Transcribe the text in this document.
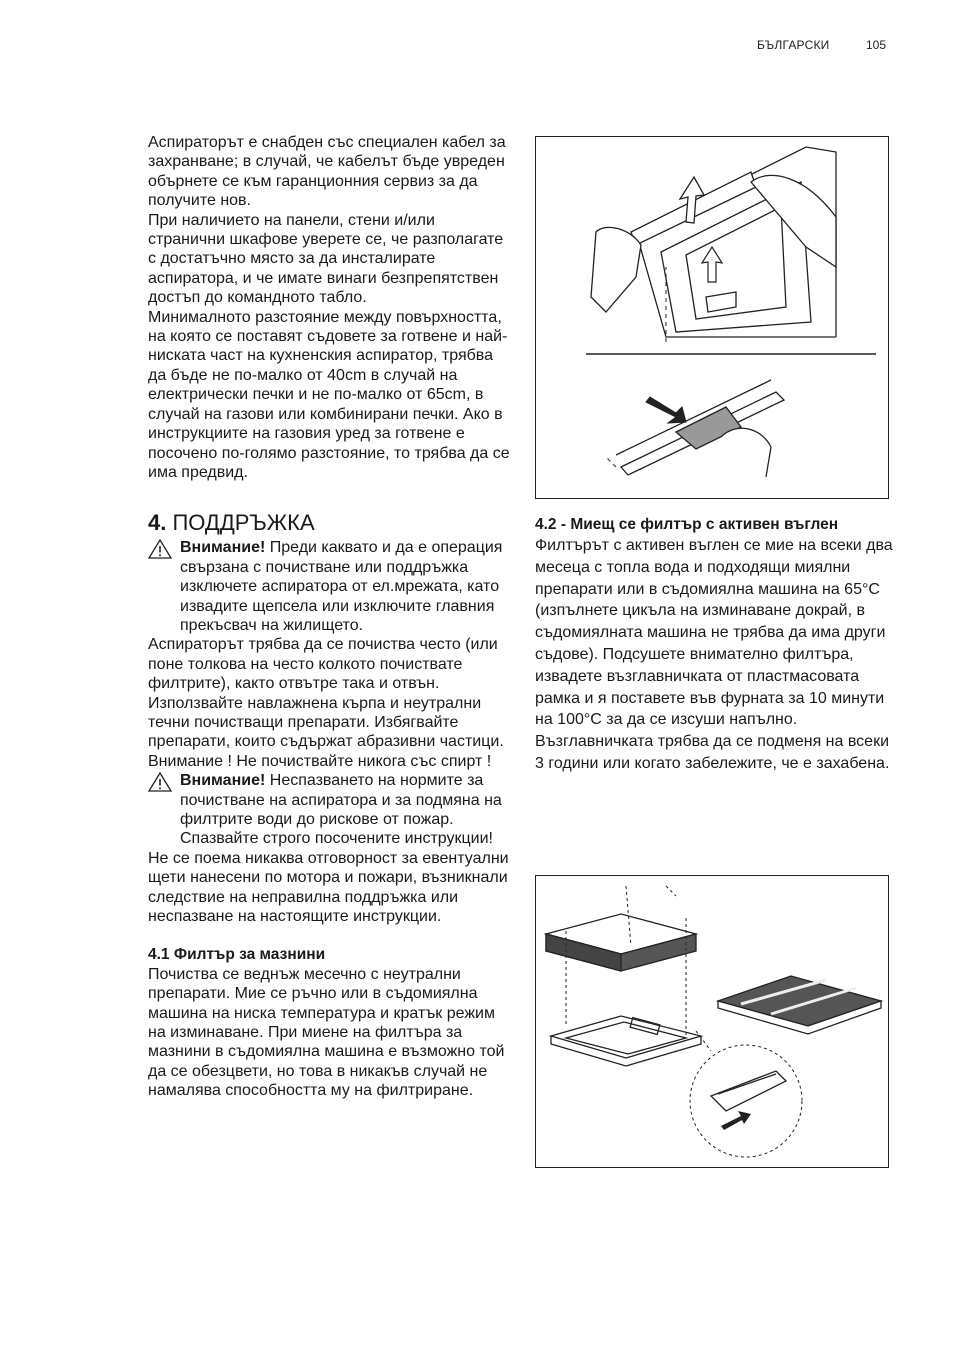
БЪЛГАРСКИ	105

Аспираторът е снабден със специален кабел за захранване; в случай, че кабелът бъде увреден обърнете се към гаранционния сервиз за да получите нов.

При наличието на панели, стени и/или странични шкафове уверете се, че разполагате с достатъчно място за да инсталирате аспиратора, и че имате винаги безпрепятствен достъп до командното табло.

Минималното разстояние между повърхността, на която се поставят съдовете за готвене и най-ниската част на кухненския аспиратор, трябва да бъде не по-малко от 40cm в случай на електрически печки и не по-малко от 65cm, в случай на газови или комбинирани печки. Ако в инструкциите на газовия уред за готвене е посочено по-голямо разстояние, то трябва да се има предвид.

4. ПОДДРЪЖКА
Внимание! Преди каквато и да е операция свързана с почистване или поддръжка изключете аспиратора от ел.мрежата, като извадите щепсела или изключите главния прекъсвач на жилището.

Аспираторът трябва да се почиства често (или поне толкова на често колкото почиствате филтрите), както отвътре така и отвън. Използвайте навлажнена кърпа и неутрални течни почистващи препарати. Избягвайте препарати, които съдържат абразивни частици. Внимание ! Не почиствайте никога със спирт !

Внимание! Неспазването на нормите за почистване на аспиратора и за подмяна на филтрите води до рискове от пожар. Спазвайте строго посочените инструкции!

Не се поема никаква отговорност за евентуални щети нанесени по мотора и пожари, възникнали следствие на неправилна поддръжка или неспазване на настоящите инструкции.

4.1 Филтър за мазнини

Почиства се веднъж месечно с неутрални препарати. Мие се ръчно или в съдомиялна машина на ниска температура и кратък режим на изминаване. При миене на филтъра за мазнини в съдомиялна машина е възможно той да се обезцвети, но това в никакъв случай не намалява способността му на филтриране.

4.2 - Миещ се филтър с активен въглен

Филтърът с активен въглен се мие на всеки два месеца с топла вода и подходящи миялни препарати или в съдомиялна машина на 65°C (изпълнете цикъла на изминаване докрай, в съдомиялната машина не трябва да има други съдове). Подсушете внимателно филтъра, извадете възглавничката от пластмасовата рамка и я поставете във фурната за 10 минути на 100°C за да се изсуши напълно.

Възглавничката трябва да се подменя на всеки 3 години или когато забележите, че е захабена.
